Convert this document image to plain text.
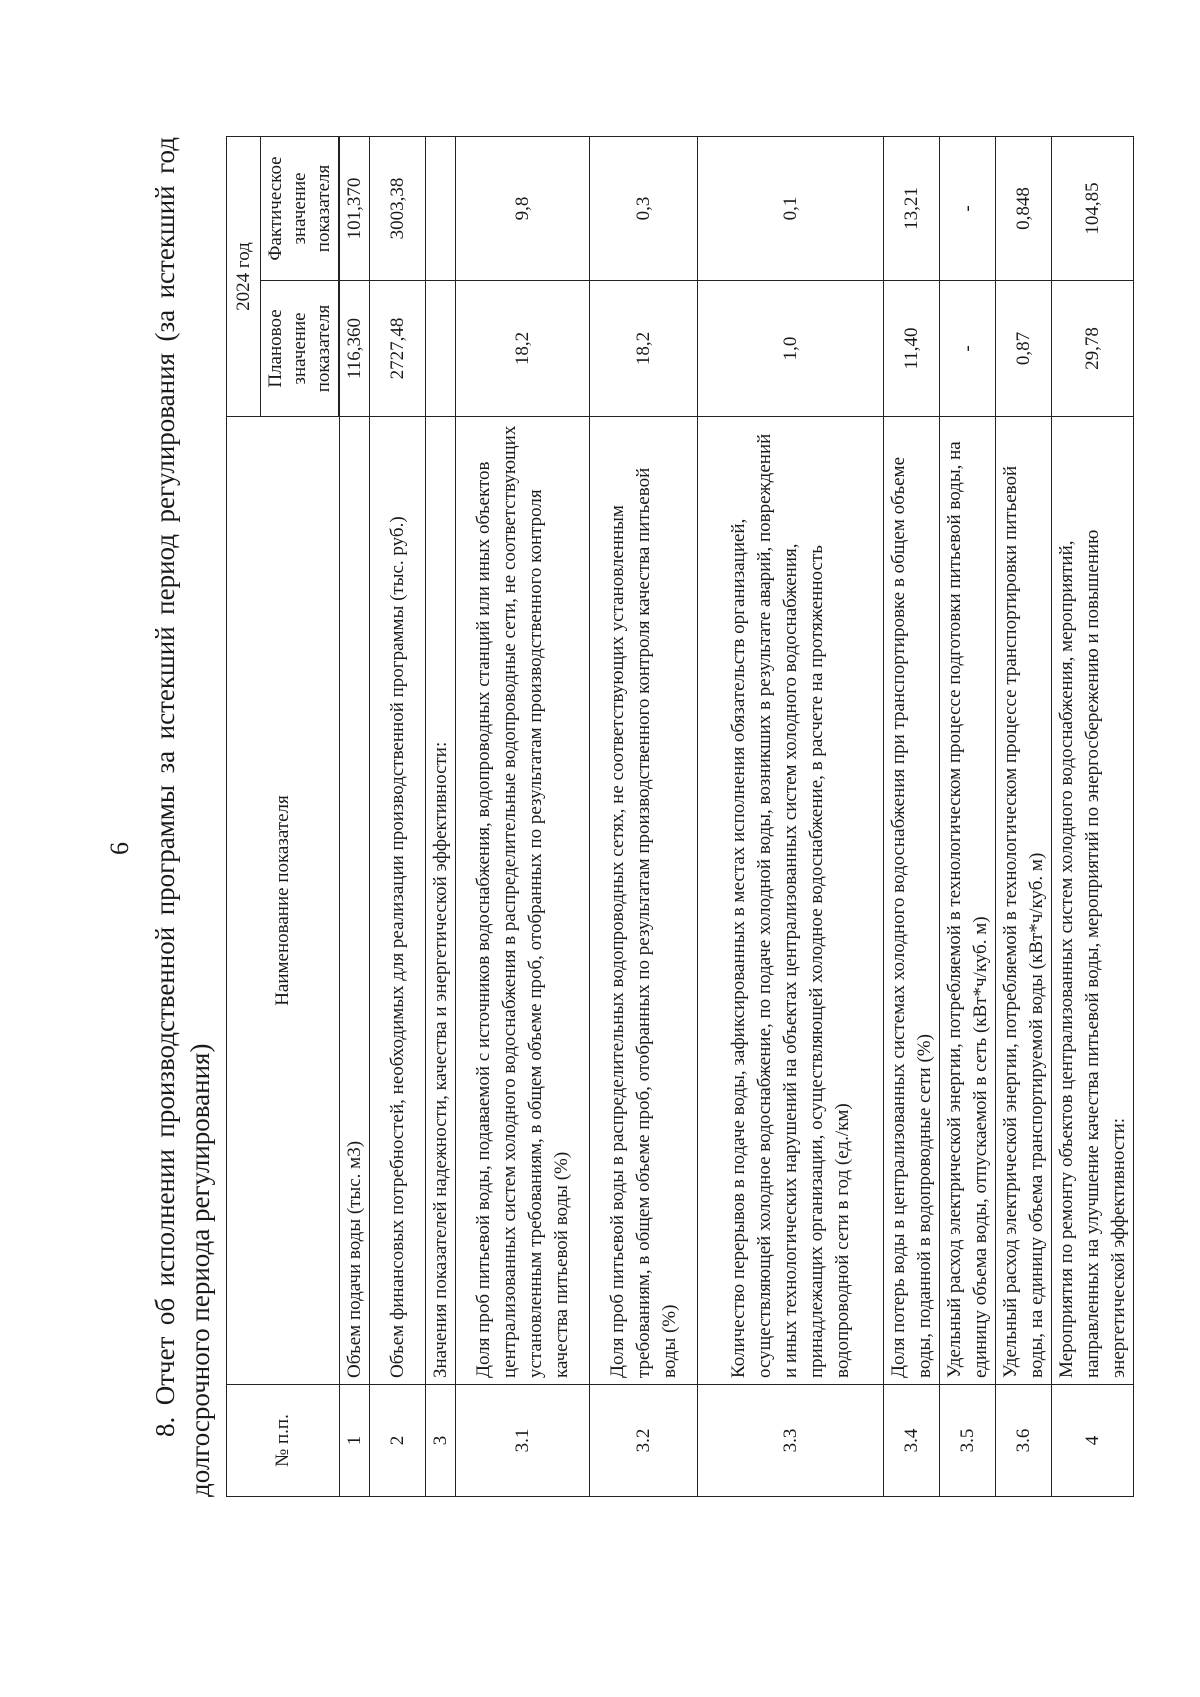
6 8. Отчет об исполнении производственной программы за истекший период регулирования (за истекший год долгосрочного периода регулирования)	№ п.п.	Наименование показателя	2024 год	
		Плановое значение показателя	Фактическое значение показателя

1	Объем подачи воды (тыс. м3)	116,360	101,370
2	Объем финансовых потребностей, необходимых для реализации производственной программы (тыс. руб.)	2727,48	3003,38
3	Значения показателей надежности, качества и энергетической эффективности:		
3.1	Доля проб питьевой воды, подаваемой с источников водоснабжения, водопроводных станций или иных объектов централизованных систем холодного водоснабжения в распределительные водопроводные сети, не соответствующих установленным требованиям, в общем объеме проб, отобранных по результатам производственного контроля качества питьевой воды (%)	18,2	9,8
3.2	Доля проб питьевой воды в распределительных водопроводных сетях, не соответствующих установленным требованиям, в общем объеме проб, отобранных по результатам производственного контроля качества питьевой воды (%)	18,2	0,3
3.3	Количество перерывов в подаче воды, зафиксированных в местах исполнения обязательств организацией, осуществляющей холодное водоснабжение, по подаче холодной воды, возникших в результате аварий, повреждений и иных технологических нарушений на объектах централизованных систем холодного водоснабжения, принадлежащих организации, осуществляющей холодное водоснабжение, в расчете на протяженность водопроводной сети в год (ед./км)	1,0	0,1
3.4	Доля потерь воды в централизованных системах холодного водоснабжения при транспортировке в общем объеме воды, поданной в водопроводные сети (%)	11,40	13,21
3.5	Удельный расход электрической энергии, потребляемой в технологическом процессе подготовки питьевой воды, на единицу объема воды, отпускаемой в сеть (кВт*ч/куб. м)	-	-
3.6	Удельный расход электрической энергии, потребляемой в технологическом процессе транспортировки питьевой воды, на единицу объема транспортируемой воды (кВт*ч/куб. м)	0,87	0,848
4	Мероприятия по ремонту объектов централизованных систем холодного водоснабжения, мероприятий, направленных на улучшение качества питьевой воды, мероприятий по энергосбережению и повышению энергетической эффективности:	29,78	104,85
